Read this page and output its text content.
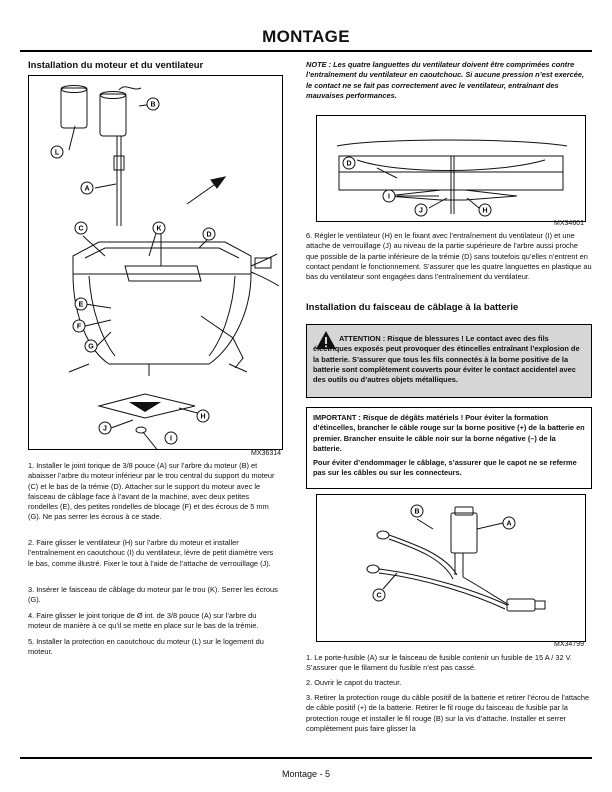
MONTAGE
Installation du moteur et du ventilateur
B
L
A
C	K
D
E
F
G
H
J
I
MX36314
1. Installer le joint torique de 3/8 pouce (A) sur l’arbre du moteur (B) et abaisser l’arbre du moteur inférieur par le trou central du support du moteur (C) et le bas de la trémie (D). Attacher sur le support du moteur avec le faisceau de câblage face à l’avant de la machine, avec deux petites rondelles (E), des petites rondelles de blocage (F) et des écrous de 5 mm (G). Ne pas serrer les écrous à ce stade.
2. Faire glisser le ventilateur (H) sur l’arbre du moteur et installer l’entraînement en caoutchouc (I) du ventilateur, lèvre de petit diamètre vers le bas, comme illustré. Fixer le tout à l’aide de l’attache de verrouillage (J).
3. Insérer le faisceau de câblage du moteur par le trou (K). Serrer les écrous (G).
4. Faire glisser le joint torique de Ø int. de 3/8 pouce (A) sur l’arbre du moteur de manière à ce qu’il se mette en place sur le bas de la trémie.
5. Installer la protection en caoutchouc du moteur (L) sur le logement du moteur.
NOTE : Les quatre languettes du ventilateur doivent être comprimées contre l’entraînement du ventilateur en caoutchouc. Si aucune pression n’est exercée, le contact ne se fait pas correctement avec le ventilateur, entraînant des mauvaises performances.
D
I
J	H
MX34601
6. Régler le ventilateur (H) en le fixant avec l’entraînement du ventilateur (I) et une attache de verrouillage (J) au niveau de la partie supérieure de l’arbre aussi proche que possible de la partie inférieure de la trémie (D) sans toutefois qu’elles n’entrent en contact pendant le fonctionnement. S’assurer que les quatre languettes en plastique au bas du ventilateur sont engagées dans l’entraînement du ventilateur.
Installation du faisceau de câblage à la batterie
ATTENTION : Risque de blessures ! Le contact avec des fils électriques exposés peut provoquer des étincelles entraînant l’explosion de la batterie. S’assurer que tous les fils connectés à la borne positive de la batterie sont complètement couverts pour éviter le contact accidentel avec des outils ou d’autres objets métalliques.
IMPORTANT : Risque de dégâts matériels ! Pour éviter la formation d’étincelles, brancher le câble rouge sur la borne positive (+) de la batterie en premier. Brancher ensuite le câble noir sur la borne négative (–) de la batterie.
Pour éviter d’endommager le câblage, s’assurer que le capot ne se referme pas sur les câbles ou sur les connecteurs.
B
A
C
MX34799
1. Le porte-fusible (A) sur le faisceau de fusible contenir un fusible de 15 A / 32 V. S’assurer que le filament du fusible n’est pas cassé.
2. Ouvrir le capot du tracteur.
3. Retirer la protection rouge du câble positif de la batterie et retirer l’écrou de l’attache de câble positif (+) de la batterie. Retirer le fil rouge du faisceau de fusible par la protection rouge et installer le fil rouge (B) sur la vis d’attache. Installer et serrer complètement puis faire glisser la
Montage - 5
